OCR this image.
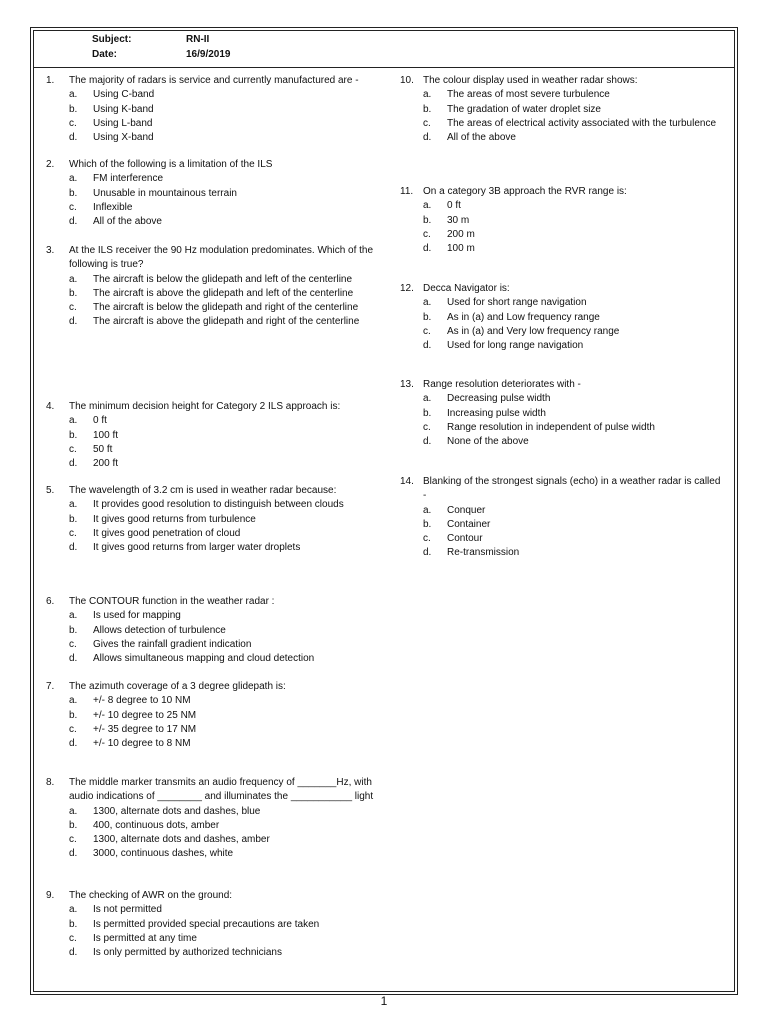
Subject:	RN-II
Date:	16/9/2019
1.	The majority of radars is service and currently manufactured are -
a.	Using C-band
b.	Using K-band
c.	Using L-band
d.	Using X-band
2.	Which of the following is a limitation of the ILS
a.	FM interference
b.	Unusable in mountainous terrain
c.	Inflexible
d.	All of the above
3.	At the ILS receiver the 90 Hz modulation predominates. Which of the following is true?
a.	The aircraft is below the glidepath and left of the centerline
b.	The aircraft is above the glidepath and left of the centerline
c.	The aircraft is below the glidepath and right of the centerline
d.	The aircraft is above the glidepath and right of the centerline
4.	The minimum decision height for Category 2 ILS approach is:
a.	0 ft
b.	100 ft
c.	50 ft
d.	200 ft
5.	The wavelength of 3.2 cm is used in weather radar because:
a.	It provides good resolution to distinguish between clouds
b.	It gives good returns from turbulence
c.	It gives good penetration of cloud
d.	It gives good returns from larger water droplets
6.	The CONTOUR function in the weather radar :
a.	Is used for mapping
b.	Allows detection of turbulence
c.	Gives the rainfall gradient indication
d.	Allows simultaneous mapping and cloud detection
7.	The azimuth coverage of a 3 degree glidepath is:
a.	+/- 8 degree to 10 NM
b.	+/- 10 degree to 25 NM
c.	+/- 35 degree to 17 NM
d.	+/- 10 degree to 8 NM
8.	The middle marker transmits an audio frequency of _______Hz, with audio indications of ________ and illuminates the ___________ light
a.	1300, alternate dots and dashes, blue
b.	400, continuous dots, amber
c.	1300, alternate dots and dashes, amber
d.	3000, continuous dashes, white
9.	The checking of AWR on the ground:
a.	Is not permitted
b.	Is permitted provided special precautions are taken
c.	Is permitted at any time
d.	Is only permitted by authorized technicians
10. The colour display used in weather radar shows:
a.	The areas of most severe turbulence
b.	The gradation of water droplet size
c.	The areas of electrical activity associated with the turbulence
d.	All of the above
11. On a category 3B approach the RVR range is:
a.	0 ft
b.	30 m
c.	200 m
d.	100 m
12. Decca Navigator is:
a.	Used for short range navigation
b.	As in (a) and Low frequency range
c.	As in (a) and Very low frequency range
d.	Used for long range navigation
13. Range resolution deteriorates with -
a.	Decreasing pulse width
b.	Increasing pulse width
c.	Range resolution in independent of pulse width
d.	None of the above
14. Blanking of the strongest signals (echo) in a weather radar is called -
a.	Conquer
b.	Container
c.	Contour
d.	Re-transmission
1
